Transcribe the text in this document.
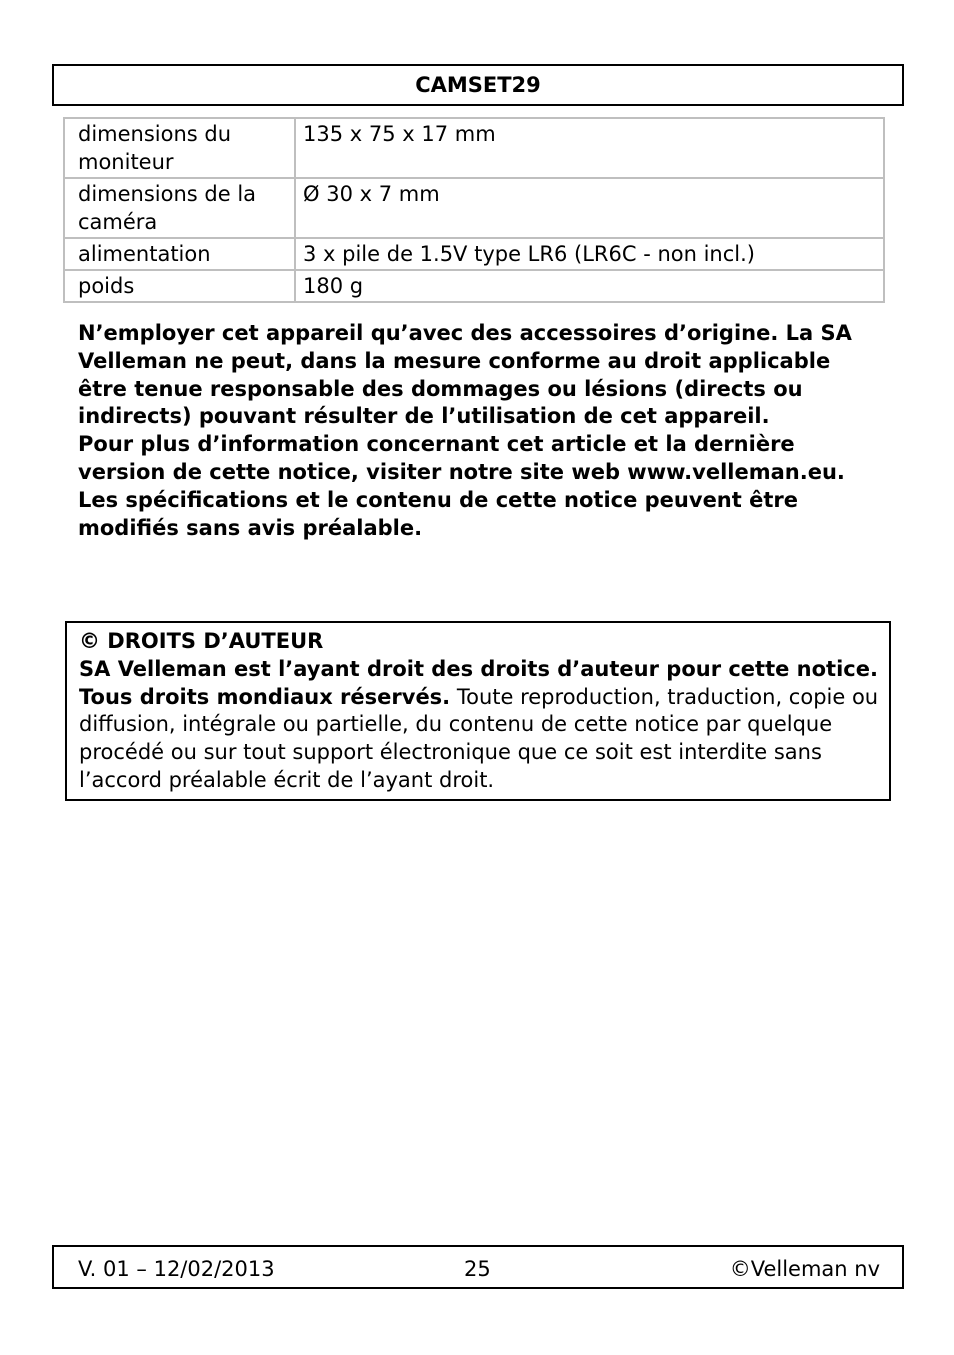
CAMSET29
dimensions du moniteur	135 x 75 x 17 mm
dimensions de la caméra	Ø 30 x 7 mm
alimentation	3 x pile de 1.5V type LR6 (LR6C - non incl.)
poids	180 g

N’employer cet appareil qu’avec des accessoires d’origine. La SA Velleman ne peut, dans la mesure conforme au droit applicable être tenue responsable des dommages ou lésions (directs ou indirects) pouvant résulter de l’utilisation de cet appareil.

Pour plus d’information concernant cet article et la dernière version de cette notice, visiter notre site web www.velleman.eu.

Les spécifications et le contenu de cette notice peuvent être modifiés sans avis préalable.

© DROITS D’AUTEUR
SA Velleman est l’ayant droit des droits d’auteur pour cette notice. Tous droits mondiaux réservés. Toute reproduction, traduction, copie ou diffusion, intégrale ou partielle, du contenu de cette notice par quelque procédé ou sur tout support électronique que ce soit est interdite sans l’accord préalable écrit de l’ayant droit.
V. 01 – 12/02/2013	25	©Velleman nv
